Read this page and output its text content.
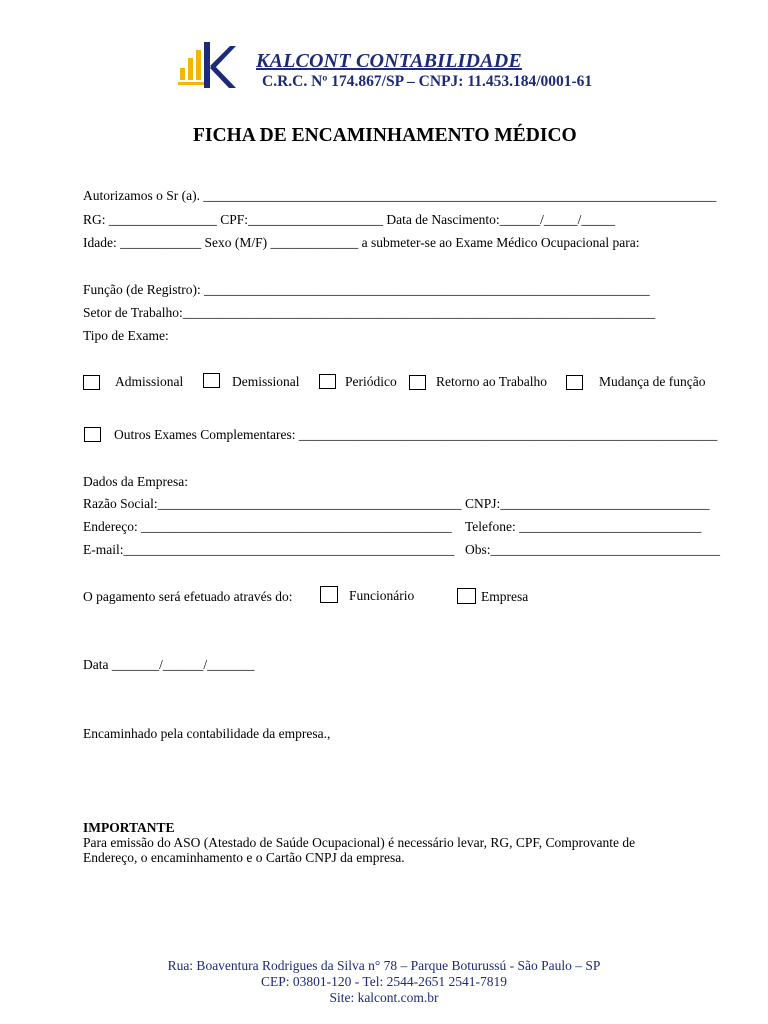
KALCONT CONTABILIDADE
C.R.C. Nº 174.867/SP – CNPJ: 11.453.184/0001-61
FICHA DE ENCAMINHAMENTO MÉDICO
Autorizamos o Sr (a). ____________________________________________________________________________
RG: ________________ CPF:____________________ Data de Nascimento:______/_____/_____
Idade: ____________ Sexo (M/F) _____________ a submeter-se ao Exame Médico Ocupacional para:
Função (de Registro): __________________________________________________________________
Setor de Trabalho:______________________________________________________________________
Tipo de Exame:
Admissional	Demissional	Periódico	Retorno ao Trabalho	Mudança de função
Outros Exames Complementares: ______________________________________________________________
Dados da Empresa:
Razão Social:_____________________________________________ CNPJ:_______________________________
Endereço: ______________________________________________ Telefone: ___________________________
E-mail:_________________________________________________ Obs:__________________________________
O pagamento será efetuado através do:	Funcionário	Empresa
Data _______/______/_______
Encaminhado pela contabilidade da empresa.,
IMPORTANTE
Para emissão do ASO (Atestado de Saúde Ocupacional) é necessário levar, RG, CPF, Comprovante de
Endereço, o encaminhamento e o Cartão CNPJ da empresa.
Rua: Boaventura Rodrigues da Silva n° 78 – Parque Boturussú - São Paulo – SP
CEP: 03801-120 - Tel: 2544-2651 2541-7819
Site: kalcont.com.br
